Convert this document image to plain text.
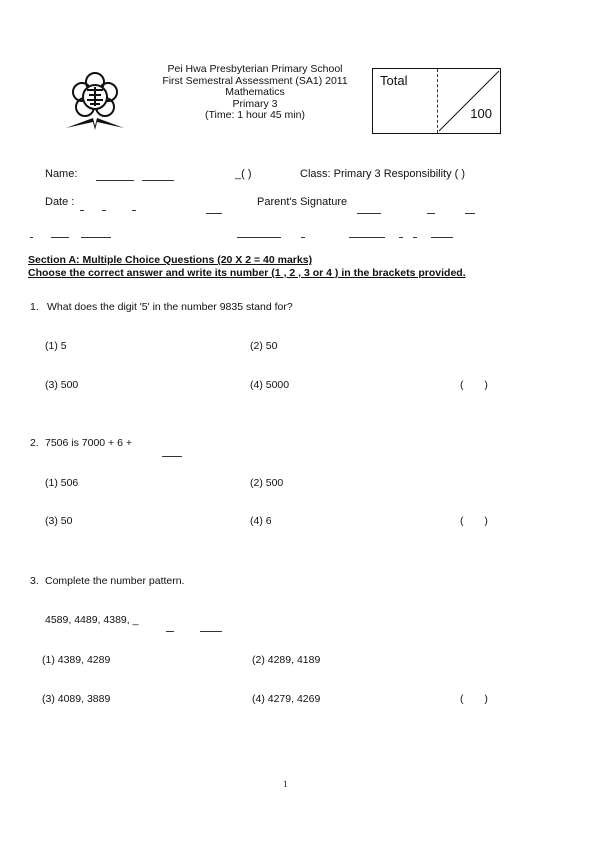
Pei Hwa Presbyterian Primary School
First Semestral Assessment (SA1) 2011
Mathematics
Primary 3
(Time: 1 hour 45 min)
Total
100
Name:	_( )	Class: Primary 3 Responsibility ( )
Date :	Parent's Signature
Section A: Multiple Choice Questions (20 X 2 = 40 marks)
Choose the correct answer and write its number (1 , 2 , 3 or 4 ) in the brackets provided.
1. What does the digit '5' in the number 9835 stand for?
(1) 5	(2) 50
(3) 500	(4) 5000	( )
2. 7506 is 7000 + 6 +
(1) 506	(2) 500
(3) 50	(4) 6	( )
3. Complete the number pattern.
4589, 4489, 4389, _
(1) 4389, 4289	(2) 4289, 4189
(3) 4089, 3889	(4) 4279, 4269	( )
1
